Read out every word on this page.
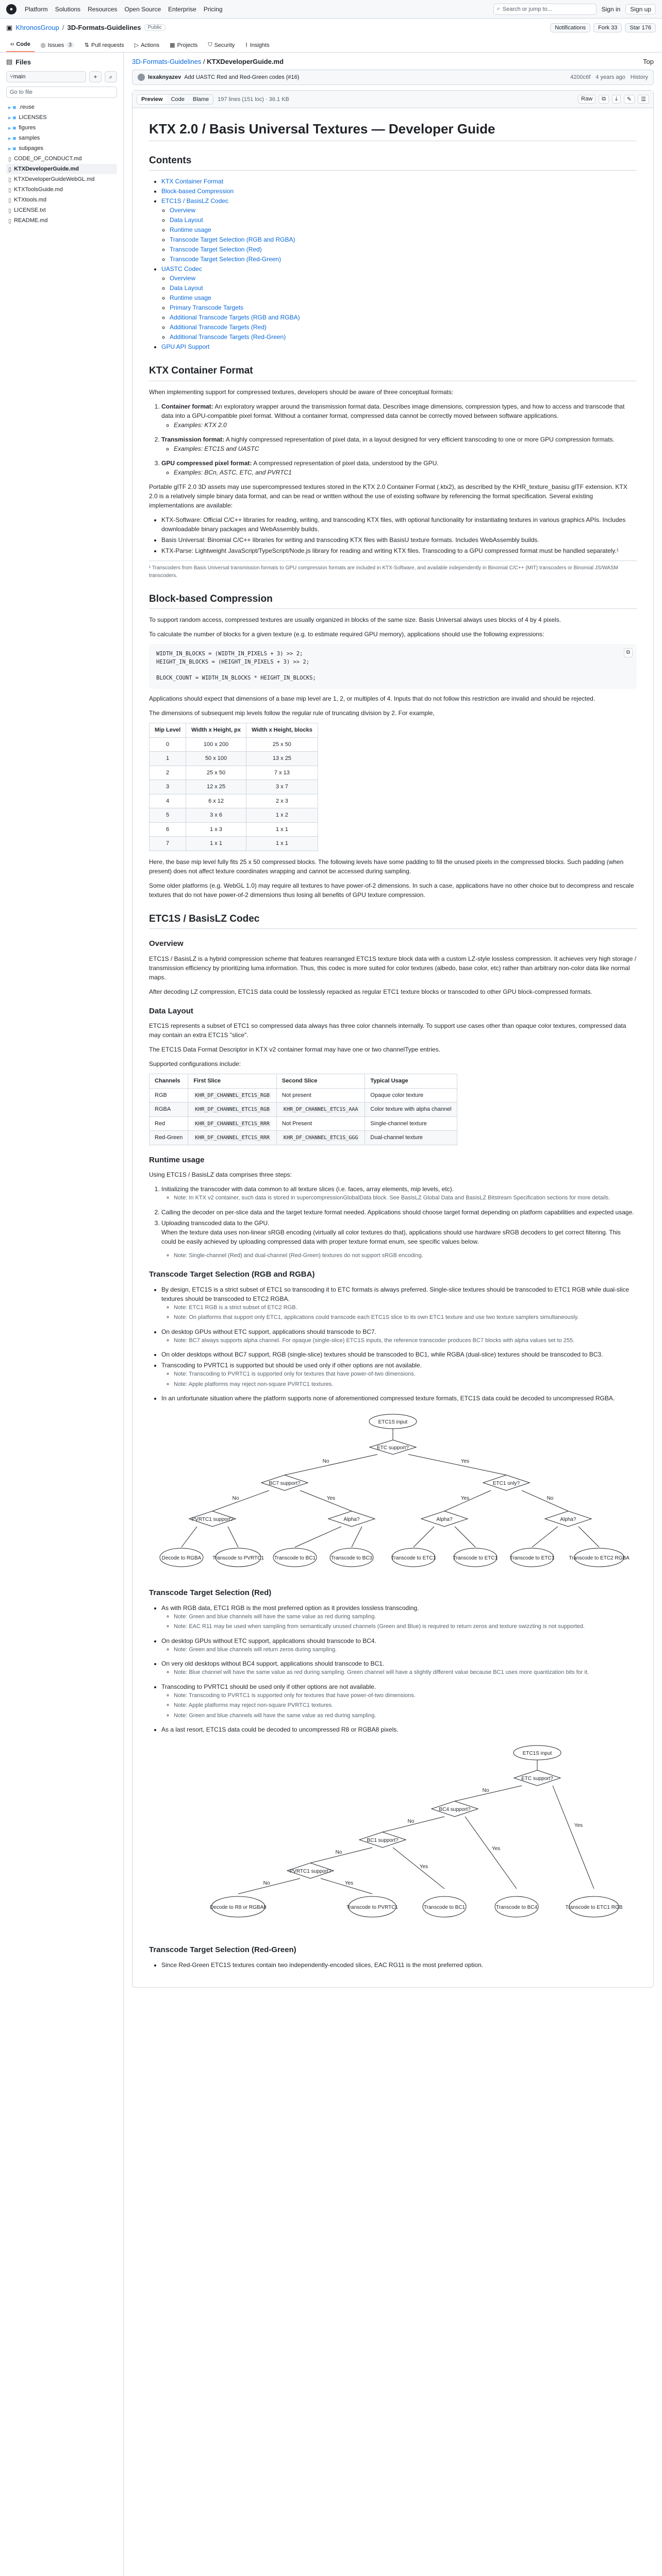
●	Platform Solutions Resources Open Source Enterprise Pricing	⌕ Search or jump to...	Sign in	Sign up
▣ KhronosGroup / 3D-Formats-Guidelines	Public	Notifications	Fork 33	Star 176
‹› Code ◎ Issues 3	⇅ Pull requests ▷ Actions ▦ Projects ⛉ Security ⌇ Insights
▤ Files
⑂ main	+	⌕
Go to file
▸ ■ .reuse
▸ ■ LICENSES
▸ ■ figures
▸ ■ samples
▸ ■ subpages
▯ CODE_OF_CONDUCT.md
▯ KTXDeveloperGuide.md
▯ KTXDeveloperGuideWebGL.md
▯ KTXToolsGuide.md
▯ KTXtools.md
▯ LICENSE.txt
▯ README.md
3D-Formats-Guidelines / KTXDeveloperGuide.md	Top
lexaknyazev Add UASTC Red and Red-Green codes (#16)	4200c6f 4 years ago History
Preview	Code	Blame	197 lines (151 loc) · 36.1 KB	Raw	⧉	⤓	✎	☰
KTX 2.0 / Basis Universal Textures — Developer Guide
Contents
• KTX Container Format
• Block-based Compression
• ETC1S / BasisLZ Codec
◦ Overview
◦ Data Layout
◦ Runtime usage
◦ Transcode Target Selection (RGB and RGBA)
◦ Transcode Target Selection (Red)
◦ Transcode Target Selection (Red-Green)
• UASTC Codec
◦ Overview
◦ Data Layout
◦ Runtime usage
◦ Primary Transcode Targets
◦ Additional Transcode Targets (RGB and RGBA)
◦ Additional Transcode Targets (Red)
◦ Additional Transcode Targets (Red-Green)
• GPU API Support
KTX Container Format

When implementing support for compressed textures, developers should be aware of three conceptual formats:

1. Container format: An exploratory wrapper around the transmission format data. Describes image dimensions, compression types, and how to access and transcode that data into a GPU-compatible pixel format. Without a container format, compressed data cannot be correctly moved between software applications.
◦ Examples: KTX 2.0
2. Transmission format: A highly compressed representation of pixel data, in a layout designed for very efficient transcoding to one or more GPU compression formats.
◦ Examples: ETC1S and UASTC
3. GPU compressed pixel format: A compressed representation of pixel data, understood by the GPU.
◦ Examples: BCn, ASTC, ETC, and PVRTC1

Portable glTF 2.0 3D assets may use supercompressed textures stored in the KTX 2.0 Container Format (.ktx2), as described by the KHR_texture_basisu glTF extension. KTX 2.0 is a relatively simple binary data format, and can be read or written without the use of existing software by referencing the format specification. Several existing implementations are available:

• KTX-Software: Official C/C++ libraries for reading, writing, and transcoding KTX files, with optional functionality for instantiating textures in various graphics APIs. Includes downloadable binary packages and WebAssembly builds.
• Basis Universal: Binomial C/C++ libraries for writing and transcoding KTX files with BasisU texture formats. Includes WebAssembly builds.
• KTX-Parse: Lightweight JavaScript/TypeScript/Node.js library for reading and writing KTX files. Transcoding to a GPU compressed format must be handled separately.¹
¹ Transcoders from Basis Universal transmission formats to GPU compression formats are included in KTX-Software, and available independently in Binomial C/C++ (MIT) transcoders or Binomial JS/WASM transcoders.
Block-based Compression

To support random access, compressed textures are usually organized in blocks of the same size. Basis Universal always uses blocks of 4 by 4 pixels.

To calculate the number of blocks for a given texture (e.g. to estimate required GPU memory), applications should use the following expressions:

⧉
WIDTH_IN_BLOCKS = (WIDTH_IN_PIXELS + 3) >> 2;
HEIGHT_IN_BLOCKS = (HEIGHT_IN_PIXELS + 3) >> 2;

BLOCK_COUNT = WIDTH_IN_BLOCKS * HEIGHT_IN_BLOCKS;

Applications should expect that dimensions of a base mip level are 1, 2, or multiples of 4. Inputs that do not follow this restriction are invalid and should be rejected.

The dimensions of subsequent mip levels follow the regular rule of truncating division by 2. For example,

Mip Level	Width x Height, px	Width x Height, blocks
0	100 x 200	25 x 50
1	50 x 100	13 x 25
2	25 x 50	7 x 13
3	12 x 25	3 x 7
4	6 x 12	2 x 3
5	3 x 6	1 x 2
6	1 x 3	1 x 1
7	1 x 1	1 x 1

Here, the base mip level fully fits 25 x 50 compressed blocks. The following levels have some padding to fill the unused pixels in the compressed blocks. Such padding (when present) does not affect texture coordinates wrapping and cannot be accessed during sampling.

Some older platforms (e.g. WebGL 1.0) may require all textures to have power-of-2 dimensions. In such a case, applications have no other choice but to decompress and rescale textures that do not have power-of-2 dimensions thus losing all benefits of GPU texture compression.

ETC1S / BasisLZ Codec
Overview

ETC1S / BasisLZ is a hybrid compression scheme that features rearranged ETC1S texture block data with a custom LZ-style lossless compression. It achieves very high storage / transmission efficiency by prioritizing luma information. Thus, this codec is more suited for color textures (albedo, base color, etc) rather than arbitrary non-color data like normal maps.

After decoding LZ compression, ETC1S data could be losslessly repacked as regular ETC1 texture blocks or transcoded to other GPU block-compressed formats.

Data Layout

ETC1S represents a subset of ETC1 so compressed data always has three color channels internally. To support use cases other than opaque color textures, compressed data may contain an extra ETC1S "slice".

The ETC1S Data Format Descriptor in KTX v2 container format may have one or two channelType entries.

Supported configurations include:

Channels	First Slice	Second Slice	Typical Usage
RGB	KHR_DF_CHANNEL_ETC1S_RGB	Not present	Opaque color texture
RGBA	KHR_DF_CHANNEL_ETC1S_RGB	KHR_DF_CHANNEL_ETC1S_AAA	Color texture with alpha channel
Red	KHR_DF_CHANNEL_ETC1S_RRR	Not Present	Single-channel texture
Red-Green	KHR_DF_CHANNEL_ETC1S_RRR	KHR_DF_CHANNEL_ETC1S_GGG	Dual-channel texture
Runtime usage

Using ETC1S / BasisLZ data comprises three steps:

1. Initializing the transcoder with data common to all texture slices (i.e. faces, array elements, mip levels, etc).
◦ Note: In KTX v2 container, such data is stored in supercompressionGlobalData block. See BasisLZ Global Data and BasisLZ Bitstream Specification sections for more details.
2. Calling the decoder on per-slice data and the target texture format needed. Applications should choose target format depending on platform capabilities and expected usage.
3. Uploading transcoded data to the GPU.

When the texture data uses non-linear sRGB encoding (virtually all color textures do that), applications should use hardware sRGB decoders to get correct filtering. This could be easily achieved by uploading compressed data with proper texture format enum, see specific values below.

◦ Note: Single-channel (Red) and dual-channel (Red-Green) textures do not support sRGB encoding.
Transcode Target Selection (RGB and RGBA)
• By design, ETC1S is a strict subset of ETC1 so transcoding it to ETC formats is always preferred. Single-slice textures should be transcoded to ETC1 RGB while dual-slice textures should be transcoded to ETC2 RGBA.
◦ Note: ETC1 RGB is a strict subset of ETC2 RGB.
◦ Note: On platforms that support only ETC1, applications could transcode each ETC1S slice to its own ETC1 texture and use two texture samplers simultaneously.
• On desktop GPUs without ETC support, applications should transcode to BC7.
◦ Note: BC7 always supports alpha channel. For opaque (single-slice) ETC1S inputs, the reference transcoder produces BC7 blocks with alpha values set to 255.
• On older desktops without BC7 support, RGB (single-slice) textures should be transcoded to BC1, while RGBA (dual-slice) textures should be transcoded to BC3.
• Transcoding to PVRTC1 is supported but should be used only if other options are not available.
◦ Note: Transcoding to PVRTC1 is supported only for textures that have power-of-two dimensions.
◦ Note: Apple platforms may reject non-square PVRTC1 textures.
• In an unfortunate situation where the platform supports none of aforementioned compressed texture formats, ETC1S data could be decoded to uncompressed RGBA.
ETC1S input
ETC support?
BC7 support?	ETC1 only?
PVRTC1 support?	Alpha?	Alpha?	Alpha?
Decode to RGBA Transcode to PVRTC1 Transcode to BC1	Transcode to BC3	Transcode to ETC1	Transcode to ETC1 Transcode to ETC1	Transcode to ETC2 RGBA
No	Yes
No	Yes	Yes	No
Transcode Target Selection (Red)
• As with RGB data, ETC1 RGB is the most preferred option as it provides lossless transcoding.
◦ Note: Green and blue channels will have the same value as red during sampling.
◦ Note: EAC R11 may be used when sampling from semantically unused channels (Green and Blue) is required to return zeros and texture swizzling is not supported.
• On desktop GPUs without ETC support, applications should transcode to BC4.
◦ Note: Green and blue channels will return zeros during sampling.
• On very old desktops without BC4 support, applications should transcode to BC1.
◦ Note: Blue channel will have the same value as red during sampling. Green channel will have a slightly different value because BC1 uses more quantization bits for it.
• Transcoding to PVRTC1 should be used only if other options are not available.
◦ Note: Transcoding to PVRTC1 is supported only for textures that have power-of-two dimensions.
◦ Note: Apple platforms may reject non-square PVRTC1 textures.
◦ Note: Green and blue channels will have the same value as red during sampling.
• As a last resort, ETC1S data could be decoded to uncompressed R8 or RGBA8 pixels.
ETC1S input
ETC support?
BC4 support?
BC1 support?
PVRTC1 support?
Decode to R8 or RGBA8	Transcode to PVRTC1	Transcode to BC1	Transcode to BC4	Transcode to ETC1 RGB
No
Yes
No
Yes
No
Yes
No	Yes
Transcode Target Selection (Red-Green)
• Since Red-Green ETC1S textures contain two independently-encoded slices, EAC RG11 is the most preferred option.
